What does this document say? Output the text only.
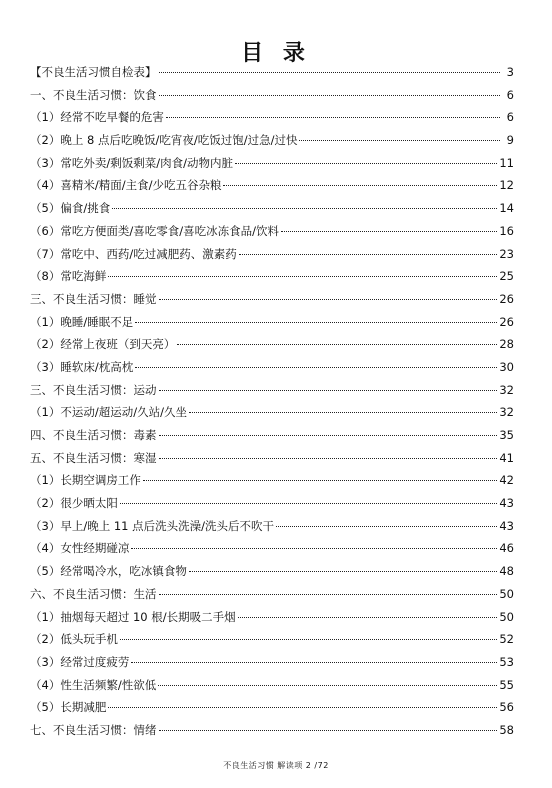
目 录
【不良生活习惯自检表】	3
一、不良生活习惯：饮食	6
（1）经常不吃早餐的危害	6
（2）晚上 8 点后吃晚饭/吃宵夜/吃饭过饱/过急/过快	9
（3）常吃外卖/剩饭剩菜/肉食/动物内脏	11
（4）喜精米/精面/主食/少吃五谷杂粮	12
（5）偏食/挑食	14
（6）常吃方便面类/喜吃零食/喜吃冰冻食品/饮料	16
（7）常吃中、西药/吃过减肥药、激素药	23
（8）常吃海鲜	25
三、不良生活习惯：睡觉	26
（1）晚睡/睡眠不足	26
（2）经常上夜班（到天亮）	28
（3）睡软床/枕高枕	30
三、不良生活习惯：运动	32
（1）不运动/超运动/久站/久坐	32
四、不良生活习惯：毒素	35
五、不良生活习惯：寒湿	41
（1）长期空调房工作	42
（2）很少晒太阳	43
（3）早上/晚上 11 点后洗头洗澡/洗头后不吹干	43
（4）女性经期碰凉	46
（5）经常喝冷水，吃冰镇食物	48
六、不良生活习惯：生活	50
（1）抽烟每天超过 10 根/长期吸二手烟	50
（2）低头玩手机	52
（3）经常过度疲劳	53
（4）性生活频繁/性欲低	55
（5）长期减肥	56
七、不良生活习惯：情绪	58
不良生活习惯 解读项 2 /72
